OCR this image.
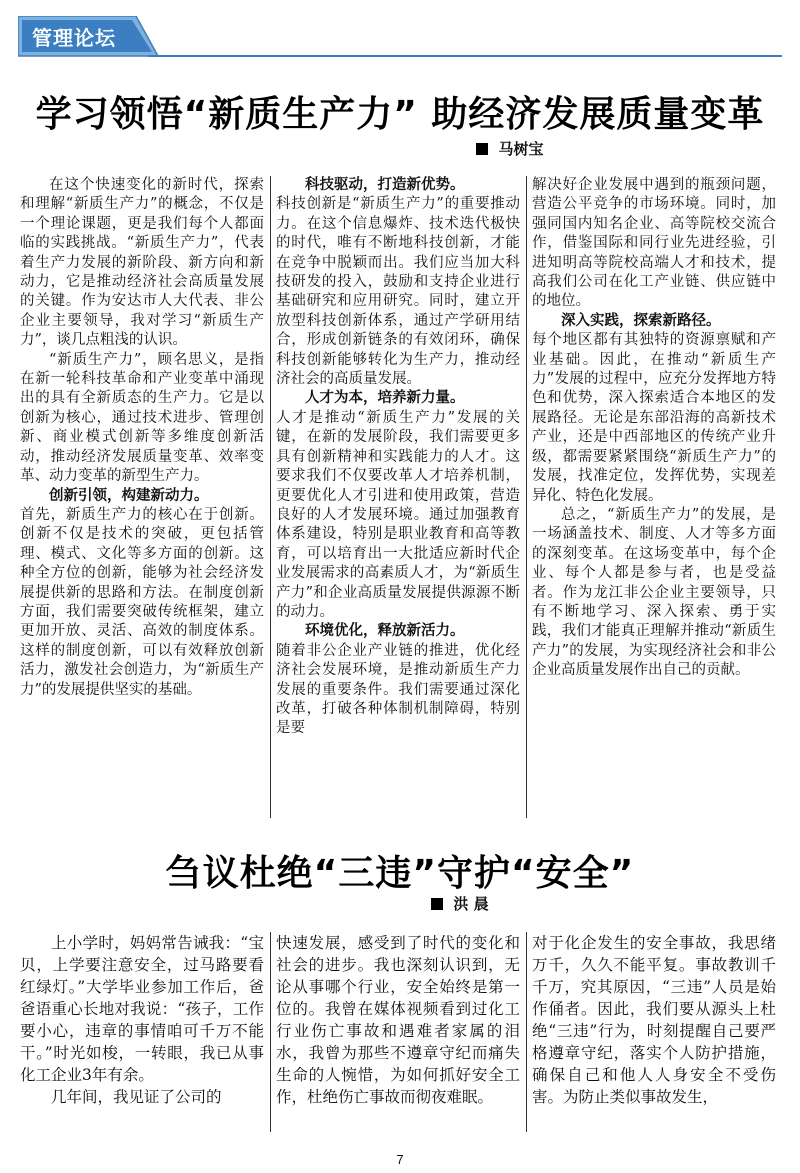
管理论坛
学习领悟“新质生产力” 助经济发展质量变革
马树宝

在这个快速变化的新时代，探索和理解“新质生产力”的概念，不仅是一个理论课题，更是我们每个人都面临的实践挑战。“新质生产力”，代表着生产力发展的新阶段、新方向和新动力，它是推动经济社会高质量发展的关键。作为安达市人大代表、非公企业主要领导，我对学习“新质生产力”，谈几点粗浅的认识。

“新质生产力”，顾名思义，是指在新一轮科技革命和产业变革中涌现出的具有全新质态的生产力。它是以创新为核心，通过技术进步、管理创新、商业模式创新等多维度创新活动，推动经济发展质量变革、效率变革、动力变革的新型生产力。

创新引领，构建新动力。

首先，新质生产力的核心在于创新。创新不仅是技术的突破，更包括管理、模式、文化等多方面的创新。这种全方位的创新，能够为社会经济发展提供新的思路和方法。在制度创新方面，我们需要突破传统框架，建立更加开放、灵活、高效的制度体系。这样的制度创新，可以有效释放创新活力，激发社会创造力，为“新质生产力”的发展提供坚实的基础。

科技驱动，打造新优势。

科技创新是“新质生产力”的重要推动力。在这个信息爆炸、技术迭代极快的时代，唯有不断地科技创新，才能在竞争中脱颖而出。我们应当加大科技研发的投入，鼓励和支持企业进行基础研究和应用研究。同时，建立开放型科技创新体系，通过产学研用结合，形成创新链条的有效闭环，确保科技创新能够转化为生产力，推动经济社会的高质量发展。

人才为本，培养新力量。

人才是推动“新质生产力”发展的关键，在新的发展阶段，我们需要更多具有创新精神和实践能力的人才。这要求我们不仅要改革人才培养机制，更要优化人才引进和使用政策，营造良好的人才发展环境。通过加强教育体系建设，特别是职业教育和高等教育，可以培育出一大批适应新时代企业发展需求的高素质人才，为“新质生产力”和企业高质量发展提供源源不断的动力。

环境优化，释放新活力。

随着非公企业产业链的推进，优化经济社会发展环境，是推动新质生产力发展的重要条件。我们需要通过深化改革，打破各种体制机制障碍，特别是要

解决好企业发展中遇到的瓶颈问题，营造公平竞争的市场环境。同时，加强同国内知名企业、高等院校交流合作，借鉴国际和同行业先进经验，引进知明高等院校高端人才和技术，提高我们公司在化工产业链、供应链中的地位。

深入实践，探索新路径。

每个地区都有其独特的资源禀赋和产业基础。因此，在推动“新质生产力”发展的过程中，应充分发挥地方特色和优势，深入探索适合本地区的发展路径。无论是东部沿海的高新技术产业，还是中西部地区的传统产业升级，都需要紧紧围绕“新质生产力”的发展，找准定位，发挥优势，实现差异化、特色化发展。

总之，“新质生产力”的发展，是一场涵盖技术、制度、人才等多方面的深刻变革。在这场变革中，每个企业、每个人都是参与者，也是受益者。作为龙江非公企业主要领导，只有不断地学习、深入探索、勇于实践，我们才能真正理解并推动“新质生产力”的发展，为实现经济社会和非公企业高质量发展作出自己的贡献。

刍议杜绝“三违”守护“安全”
洪 晨

上小学时，妈妈常告诫我：“宝贝，上学要注意安全，过马路要看红绿灯。”大学毕业参加工作后，爸爸语重心长地对我说：“孩子，工作要小心，违章的事情咱可千万不能干。”时光如梭，一转眼，我已从事化工企业3年有余。

几年间，我见证了公司的

快速发展，感受到了时代的变化和社会的进步。我也深刻认识到，无论从事哪个行业，安全始终是第一位的。我曾在媒体视频看到过化工行业伤亡事故和遇难者家属的泪水，我曾为那些不遵章守纪而痛失生命的人惋惜，为如何抓好安全工作，杜绝伤亡事故而彻夜难眠。

对于化企发生的安全事故，我思绪万千，久久不能平复。事故教训千千万，究其原因，“三违”人员是始作俑者。因此，我们要从源头上杜绝“三违”行为，时刻提醒自己要严格遵章守纪，落实个人防护措施，确保自己和他人人身安全不受伤害。为防止类似事故发生，

7
